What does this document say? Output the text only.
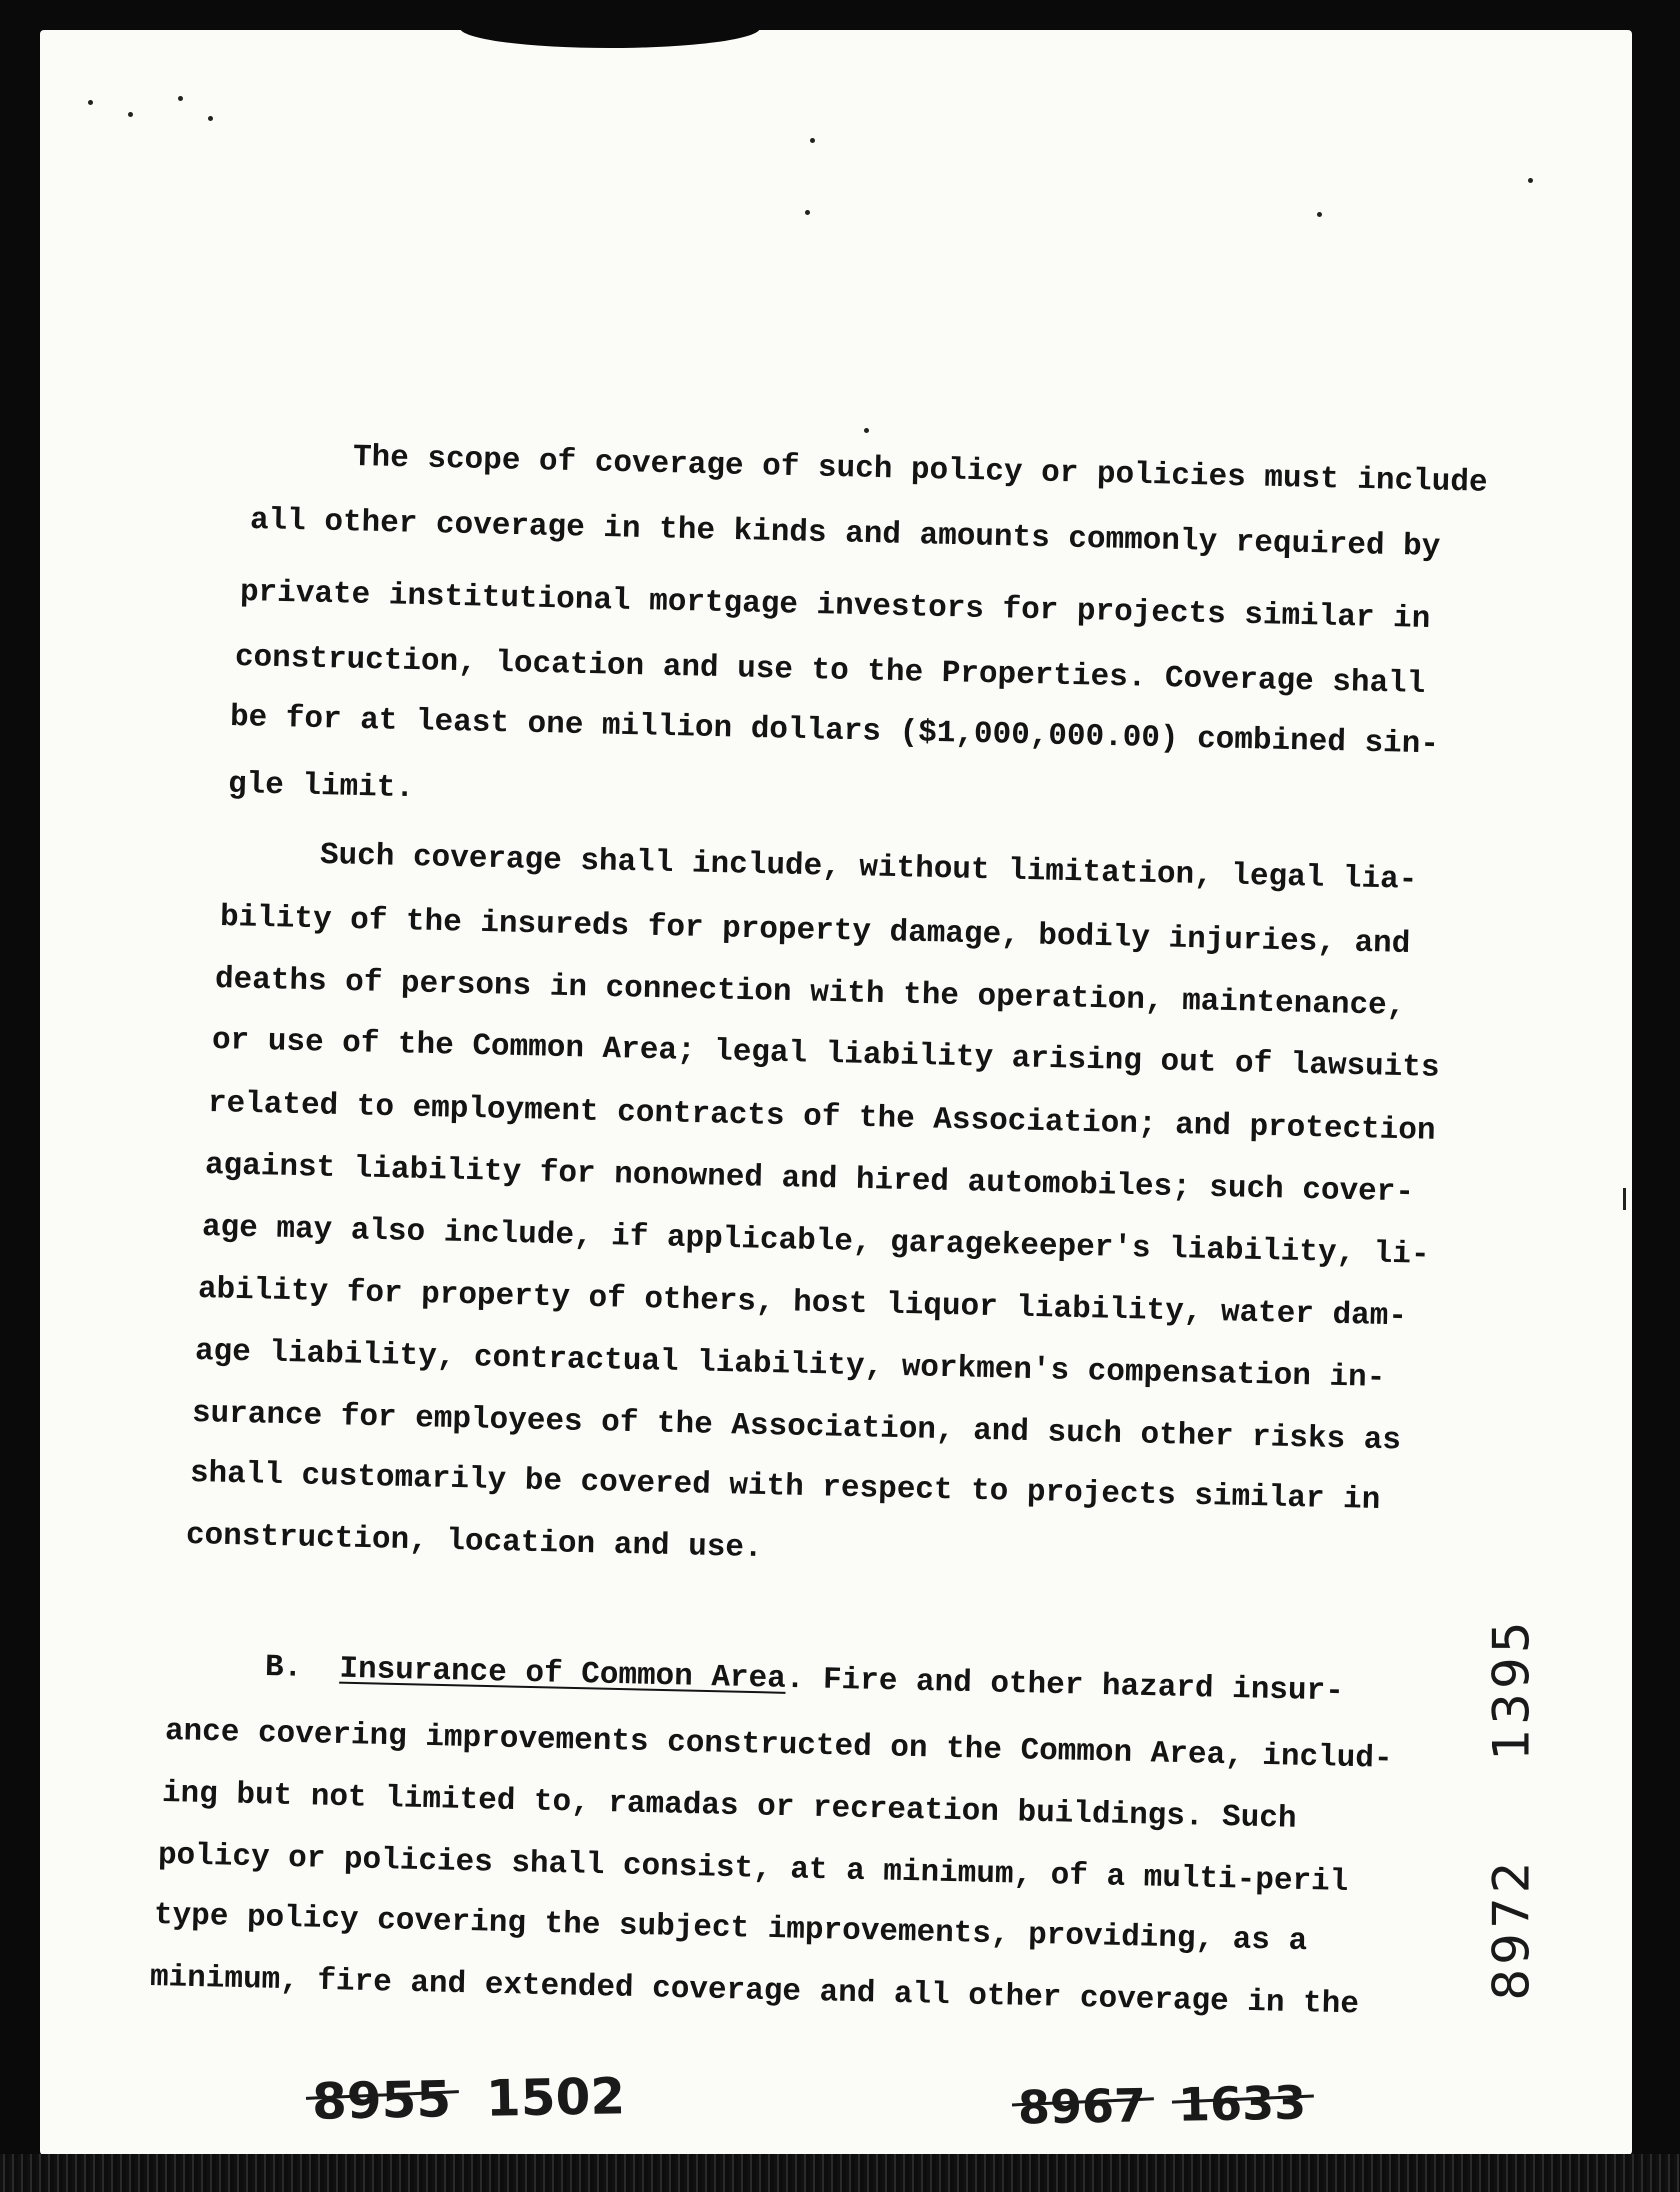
The scope of coverage of such policy or policies must include
all other coverage in the kinds and amounts commonly required by
private institutional mortgage investors for projects similar in
construction, location and use to the Properties. Coverage shall
be for at least one million dollars ($1,000,000.00) combined sin-
gle limit.
Such coverage shall include, without limitation, legal lia-
bility of the insureds for property damage, bodily injuries, and
deaths of persons in connection with the operation, maintenance,
or use of the Common Area; legal liability arising out of lawsuits
related to employment contracts of the Association; and protection
against liability for nonowned and hired automobiles; such cover-
age may also include, if applicable, garagekeeper's liability, li-
ability for property of others, host liquor liability, water dam-
age liability, contractual liability, workmen's compensation in-
surance for employees of the Association, and such other risks as
shall customarily be covered with respect to projects similar in
construction, location and use.
B. Insurance of Common Area. Fire and other hazard insur-
ance covering improvements constructed on the Common Area, includ-
ing but not limited to, ramadas or recreation buildings. Such
policy or policies shall consist, at a minimum, of a multi-peril
type policy covering the subject improvements, providing, as a
minimum, fire and extended coverage and all other coverage in the
1395
8972
8955 1502	8967 1633
